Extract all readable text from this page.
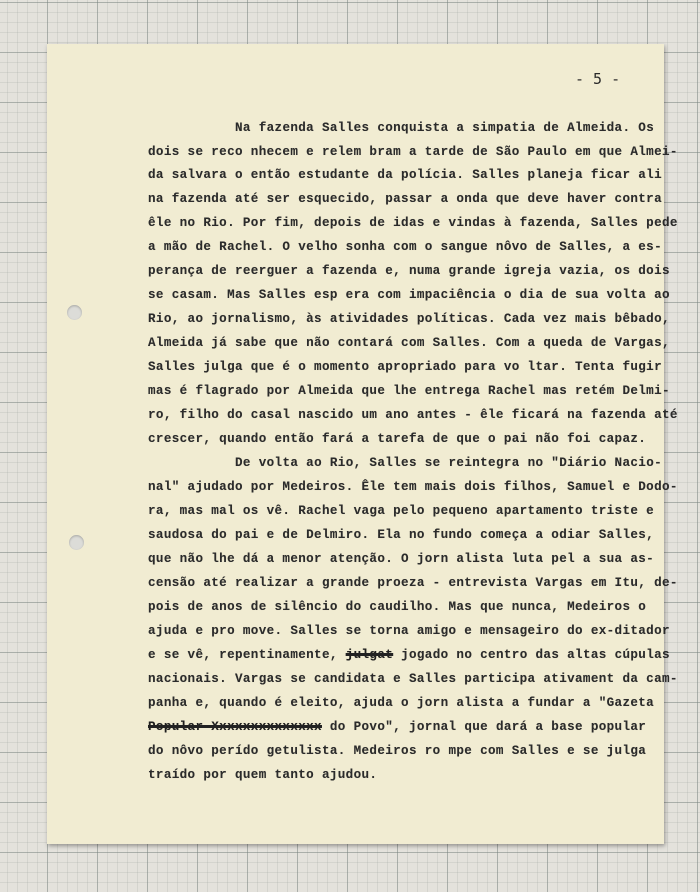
- 5 -

Na fazenda Salles conquista a simpatia de Almeida. Os

dois se reco nhecem e relem bram a tarde de São Paulo em que Almei-

da salvara o então estudante da polícia. Salles planeja ficar ali

na fazenda até ser esquecido, passar a onda que deve haver contra

êle no Rio. Por fim, depois de idas e vindas à fazenda, Salles pede

a mão de Rachel. O velho sonha com o sangue nôvo de Salles, a es-

perança de reerguer a fazenda e, numa grande igreja vazia, os dois

se casam. Mas Salles esp era com impaciência o dia de sua volta ao

Rio, ao jornalismo, às atividades políticas. Cada vez mais bêbado,

Almeida já sabe que não contará com Salles. Com a queda de Vargas,

Salles julga que é o momento apropriado para vo ltar. Tenta fugir

mas é flagrado por Almeida que lhe entrega Rachel mas retém Delmi-

ro, filho do casal nascido um ano antes - êle ficará na fazenda até

crescer, quando então fará a tarefa de que o pai não foi capaz.

De volta ao Rio, Salles se reintegra no "Diário Nacio-

nal" ajudado por Medeiros. Êle tem mais dois filhos, Samuel e Dodo-

ra, mas mal os vê. Rachel vaga pelo pequeno apartamento triste e

saudosa do pai e de Delmiro. Ela no fundo começa a odiar Salles,

que não lhe dá a menor atenção. O jorn alista luta pel a sua as-

censão até realizar a grande proeza - entrevista Vargas em Itu, de-

pois de anos de silêncio do caudilho. Mas que nunca, Medeiros o

ajuda e pro move. Salles se torna amigo e mensageiro do ex-ditador

e se vê, repentinamente, julgat jogado no centro das altas cúpulas

nacionais. Vargas se candidata e Salles participa ativament da cam-

panha e, quando é eleito, ajuda o jorn alista a fundar a "Gazeta

Popular Xxxxxxxxxxxxxx do Povo", jornal que dará a base popular

do nôvo perído getulista. Medeiros ro mpe com Salles e se julga

traído por quem tanto ajudou.
